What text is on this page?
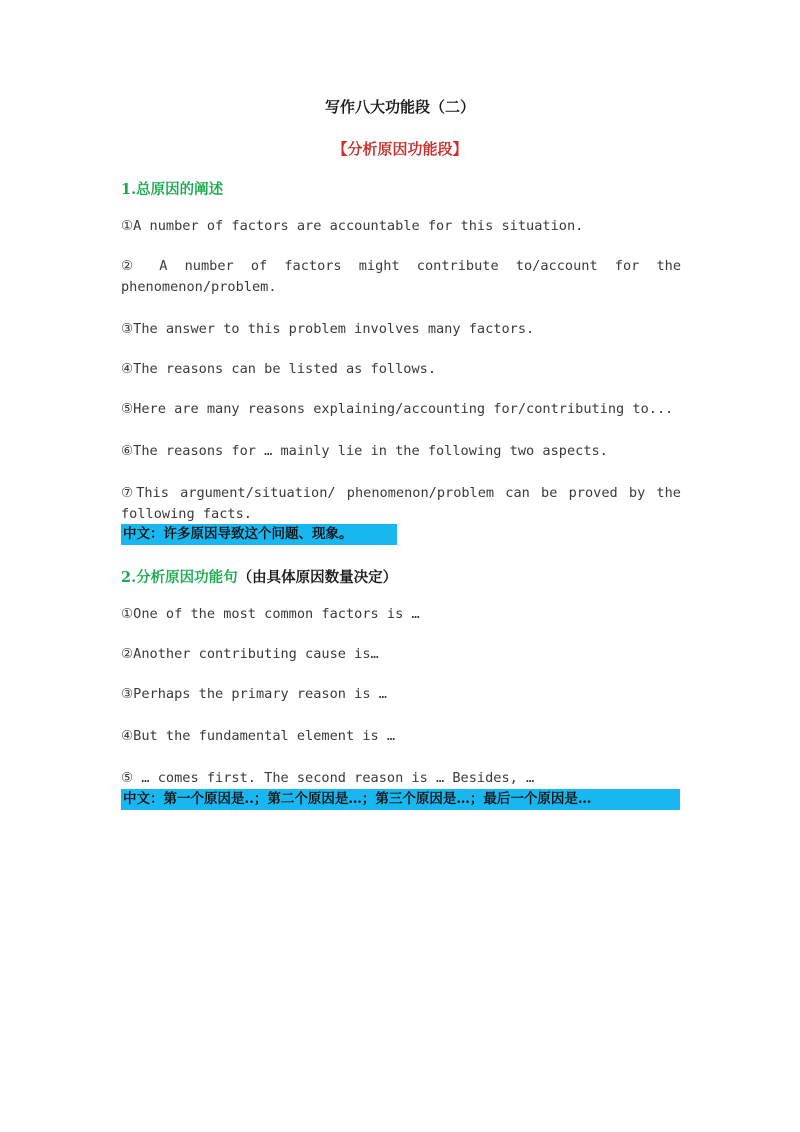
写作八大功能段（二）
【分析原因功能段】
1.总原因的阐述
①A number of factors are accountable for this situation.
② A number of factors might contribute to/account for the phenomenon/problem.
③The answer to this problem involves many factors.
④The reasons can be listed as follows.
⑤Here are many reasons explaining/accounting for/contributing to...
⑥The reasons for … mainly lie in the following two aspects.
⑦This argument/situation/ phenomenon/problem can be proved by the following facts.
中文：许多原因导致这个问题、现象。
2.分析原因功能句（由具体原因数量决定）
①One of the most common factors is …
②Another contributing cause is…
③Perhaps the primary reason is …
④But the fundamental element is …
⑤ … comes first. The second reason is … Besides, …
中文：第一个原因是..；第二个原因是…；第三个原因是…；最后一个原因是…
